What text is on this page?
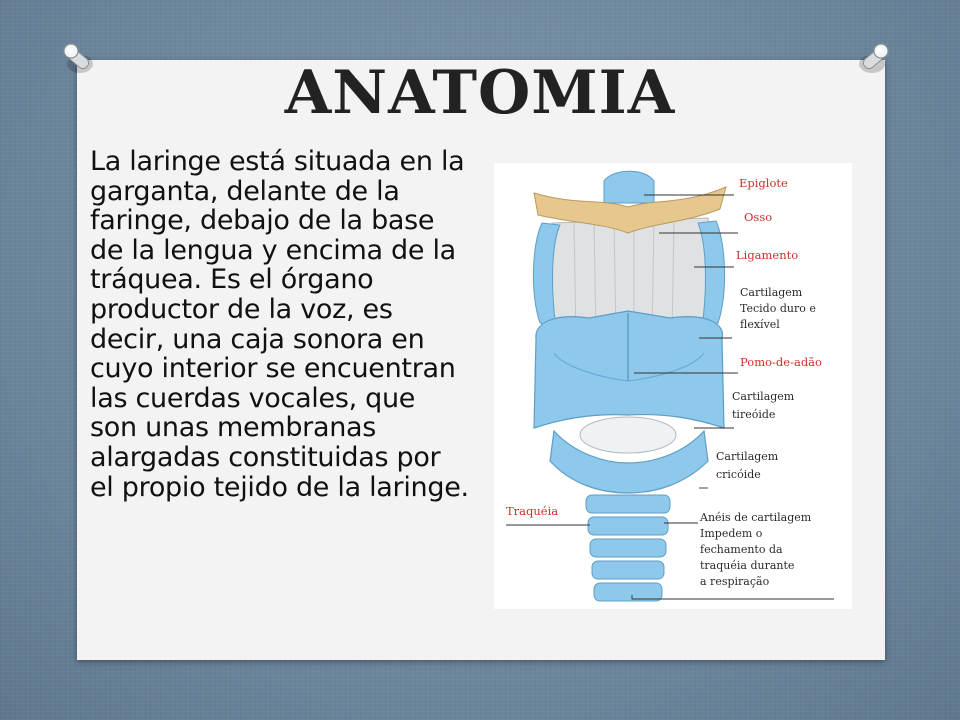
ANATOMIA

La laringe está situada en la garganta, delante de la faringe, debajo de la base de la lengua y encima de la tráquea. Es el órgano productor de la voz, es decir, una caja sonora en cuyo interior se encuentran las cuerdas vocales, que son unas membranas alargadas constituidas por el propio tejido de la laringe.

Epiglote
Osso
Ligamento
Cartilagem
Tecido duro e
flexível
Pomo-de-adão
Cartilagem
tireóide
Cartilagem
cricóide
Traquéia	Anéis de cartilagem
Impedem o
fechamento da
traquéia durante
a respiração
